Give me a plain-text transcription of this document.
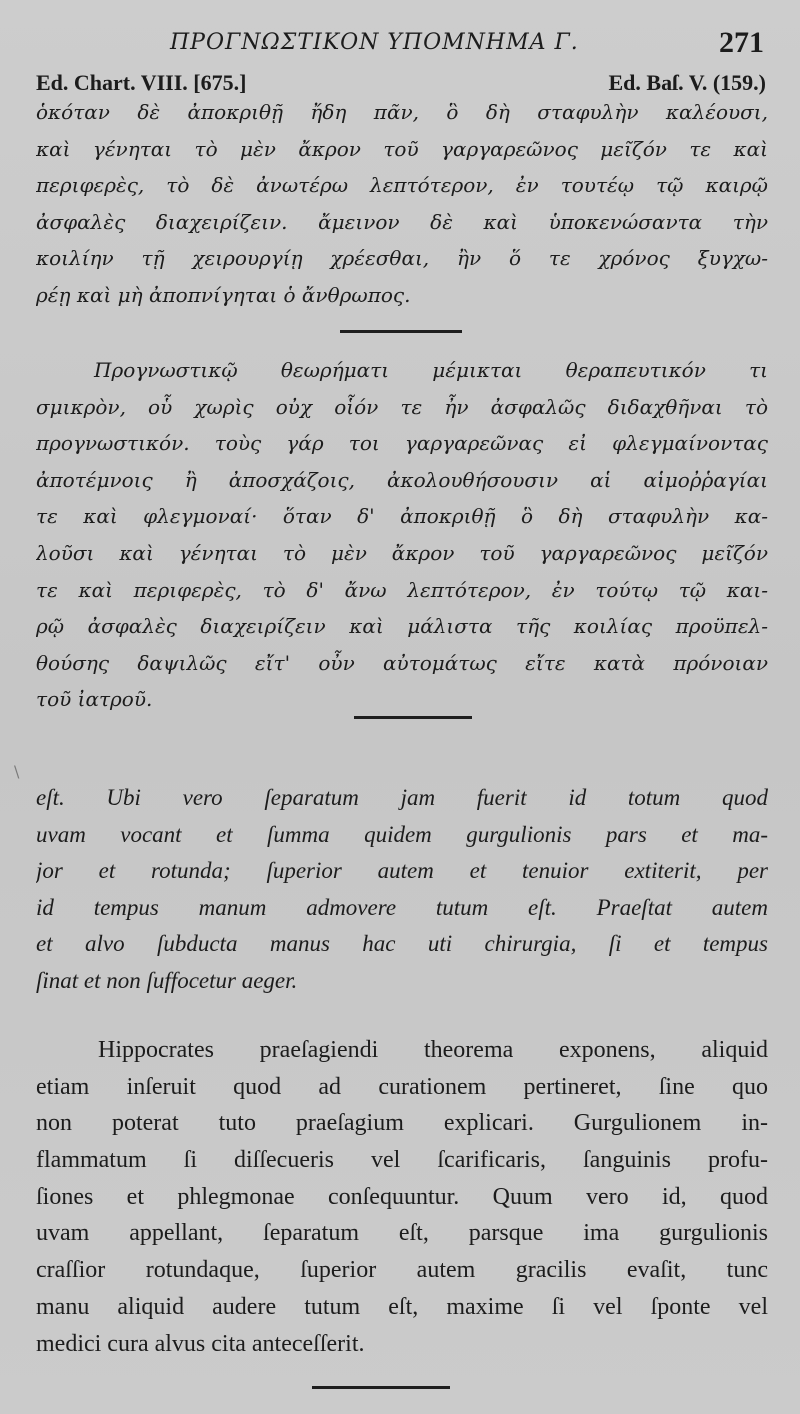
ΠΡΟΓΝΩΣΤΙΚΟΝ ΥΠΟΜΝΗΜΑ Γ.	271
Ed. Chart. VIII. [675.]	Ed. Baſ. V. (159.)
ὁκόταν δὲ ἀποκριθῇ ἤδη πᾶν, ὃ δὴ σταφυλὴν καλέουσι,
καὶ γένηται τὸ μὲν ἄκρον τοῦ γαργαρεῶνος μεῖζόν τε καὶ
περιφερὲς, τὸ δὲ ἀνωτέρω λεπτότερον, ἐν τουτέῳ τῷ καιρῷ
ἀσφαλὲς διαχειρίζειν. ἄμεινον δὲ καὶ ὑποκενώσαντα τὴν
κοιλίην τῇ χειρουργίῃ χρέεσθαι, ἢν ὅ τε χρόνος ξυγχω-
ρέῃ καὶ μὴ ἀποπνίγηται ὁ ἄνθρωπος.
Προγνωστικῷ θεωρήματι μέμικται θεραπευτικόν τι
σμικρὸν, οὗ χωρὶς οὐχ οἷόν τε ἦν ἀσφαλῶς διδαχθῆναι τὸ
προγνωστικόν. τοὺς γάρ τοι γαργαρεῶνας εἰ φλεγμαίνοντας
ἀποτέμνοις ἢ ἀποσχάζοις, ἀκολουθήσουσιν αἱ αἱμοῤῥαγίαι
τε καὶ φλεγμοναί· ὅταν δ' ἀποκριθῇ ὃ δὴ σταφυλὴν κα-
λοῦσι καὶ γένηται τὸ μὲν ἄκρον τοῦ γαργαρεῶνος μεῖζόν
τε καὶ περιφερὲς, τὸ δ' ἄνω λεπτότερον, ἐν τούτῳ τῷ και-
ρῷ ἀσφαλὲς διαχειρίζειν καὶ μάλιστα τῆς κοιλίας προϋπελ-
θούσης δαψιλῶς εἴτ' οὖν αὐτομάτως εἴτε κατὰ πρόνοιαν
τοῦ ἰατροῦ.
\
eſt. Ubi vero ſeparatum jam fuerit id totum quod
uvam vocant et ſumma quidem gurgulionis pars et ma-
jor et rotunda; ſuperior autem et tenuior extiterit, per
id tempus manum admovere tutum eſt. Praeſtat autem
et alvo ſubducta manus hac uti chirurgia, ſi et tempus
ſinat et non ſuffocetur aeger.
Hippocrates praeſagiendi theorema exponens, aliquid
etiam inſeruit quod ad curationem pertineret, ſine quo
non poterat tuto praeſagium explicari. Gurgulionem in-
flammatum ſi diſſecueris vel ſcarificaris, ſanguinis profu-
ſiones et phlegmonae conſequuntur. Quum vero id, quod
uvam appellant, ſeparatum eſt, parsque ima gurgulionis
craſſior rotundaque, ſuperior autem gracilis evaſit, tunc
manu aliquid audere tutum eſt, maxime ſi vel ſponte vel
medici cura alvus cita anteceſſerit.
